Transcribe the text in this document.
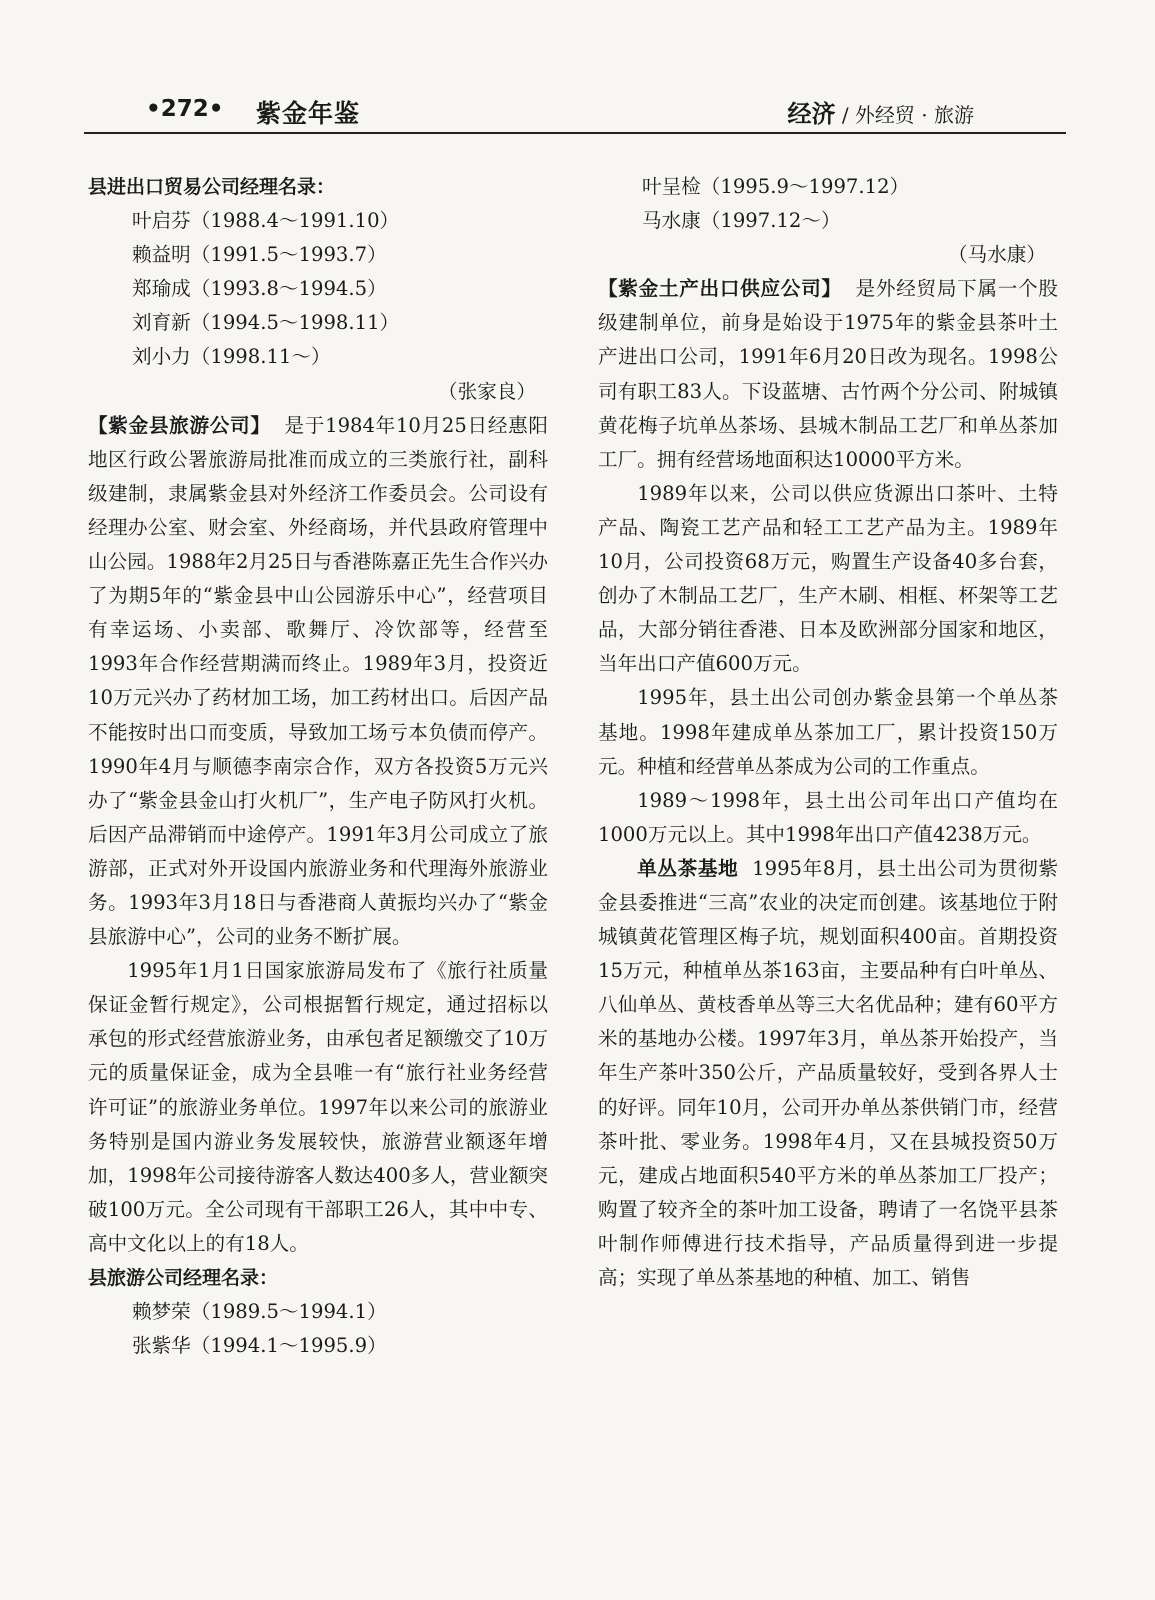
•272• 紫金年鉴	经济 / 外经贸 · 旅游

县进出口贸易公司经理名录：

叶启芬（1988.4～1991.10）

赖益明（1991.5～1993.7）

郑瑜成（1993.8～1994.5）

刘育新（1994.5～1998.11）

刘小力（1998.11～）

（张家良）

【紫金县旅游公司】 是于1984年10月25日经惠阳地区行政公署旅游局批准而成立的三类旅行社，副科级建制，隶属紫金县对外经济工作委员会。公司设有经理办公室、财会室、外经商场，并代县政府管理中山公园。1988年2月25日与香港陈嘉正先生合作兴办了为期5年的“紫金县中山公园游乐中心”，经营项目有幸运场、小卖部、歌舞厅、冷饮部等，经营至1993年合作经营期满而终止。1989年3月，投资近10万元兴办了药材加工场，加工药材出口。后因产品不能按时出口而变质，导致加工场亏本负债而停产。1990年4月与顺德李南宗合作，双方各投资5万元兴办了“紫金县金山打火机厂”，生产电子防风打火机。后因产品滞销而中途停产。1991年3月公司成立了旅游部，正式对外开设国内旅游业务和代理海外旅游业务。1993年3月18日与香港商人黄振均兴办了“紫金县旅游中心”，公司的业务不断扩展。

1995年1月1日国家旅游局发布了《旅行社质量保证金暂行规定》，公司根据暂行规定，通过招标以承包的形式经营旅游业务，由承包者足额缴交了10万元的质量保证金，成为全县唯一有“旅行社业务经营许可证”的旅游业务单位。1997年以来公司的旅游业务特别是国内游业务发展较快，旅游营业额逐年增加，1998年公司接待游客人数达400多人，营业额突破100万元。全公司现有干部职工26人，其中中专、高中文化以上的有18人。

县旅游公司经理名录：

赖梦荣（1989.5～1994.1）

张紫华（1994.1～1995.9）

叶呈检（1995.9～1997.12）

马水康（1997.12～）

（马水康）

【紫金土产出口供应公司】 是外经贸局下属一个股级建制单位，前身是始设于1975年的紫金县茶叶土产进出口公司，1991年6月20日改为现名。1998公司有职工83人。下设蓝塘、古竹两个分公司、附城镇黄花梅子坑单丛茶场、县城木制品工艺厂和单丛茶加工厂。拥有经营场地面积达10000平方米。

1989年以来，公司以供应货源出口茶叶、土特产品、陶瓷工艺产品和轻工工艺产品为主。1989年10月，公司投资68万元，购置生产设备40多台套，创办了木制品工艺厂，生产木刷、相框、杯架等工艺品，大部分销往香港、日本及欧洲部分国家和地区，当年出口产值600万元。

1995年，县土出公司创办紫金县第一个单丛茶基地。1998年建成单丛茶加工厂，累计投资150万元。种植和经营单丛茶成为公司的工作重点。

1989～1998年，县土出公司年出口产值均在1000万元以上。其中1998年出口产值4238万元。

单丛茶基地 1995年8月，县土出公司为贯彻紫金县委推进“三高”农业的决定而创建。该基地位于附城镇黄花管理区梅子坑，规划面积400亩。首期投资15万元，种植单丛茶163亩，主要品种有白叶单丛、八仙单丛、黄枝香单丛等三大名优品种；建有60平方米的基地办公楼。1997年3月，单丛茶开始投产，当年生产茶叶350公斤，产品质量较好，受到各界人士的好评。同年10月，公司开办单丛茶供销门市，经营茶叶批、零业务。1998年4月，又在县城投资50万元，建成占地面积540平方米的单丛茶加工厂投产；购置了较齐全的茶叶加工设备，聘请了一名饶平县茶叶制作师傅进行技术指导，产品质量得到进一步提高；实现了单丛茶基地的种植、加工、销售
